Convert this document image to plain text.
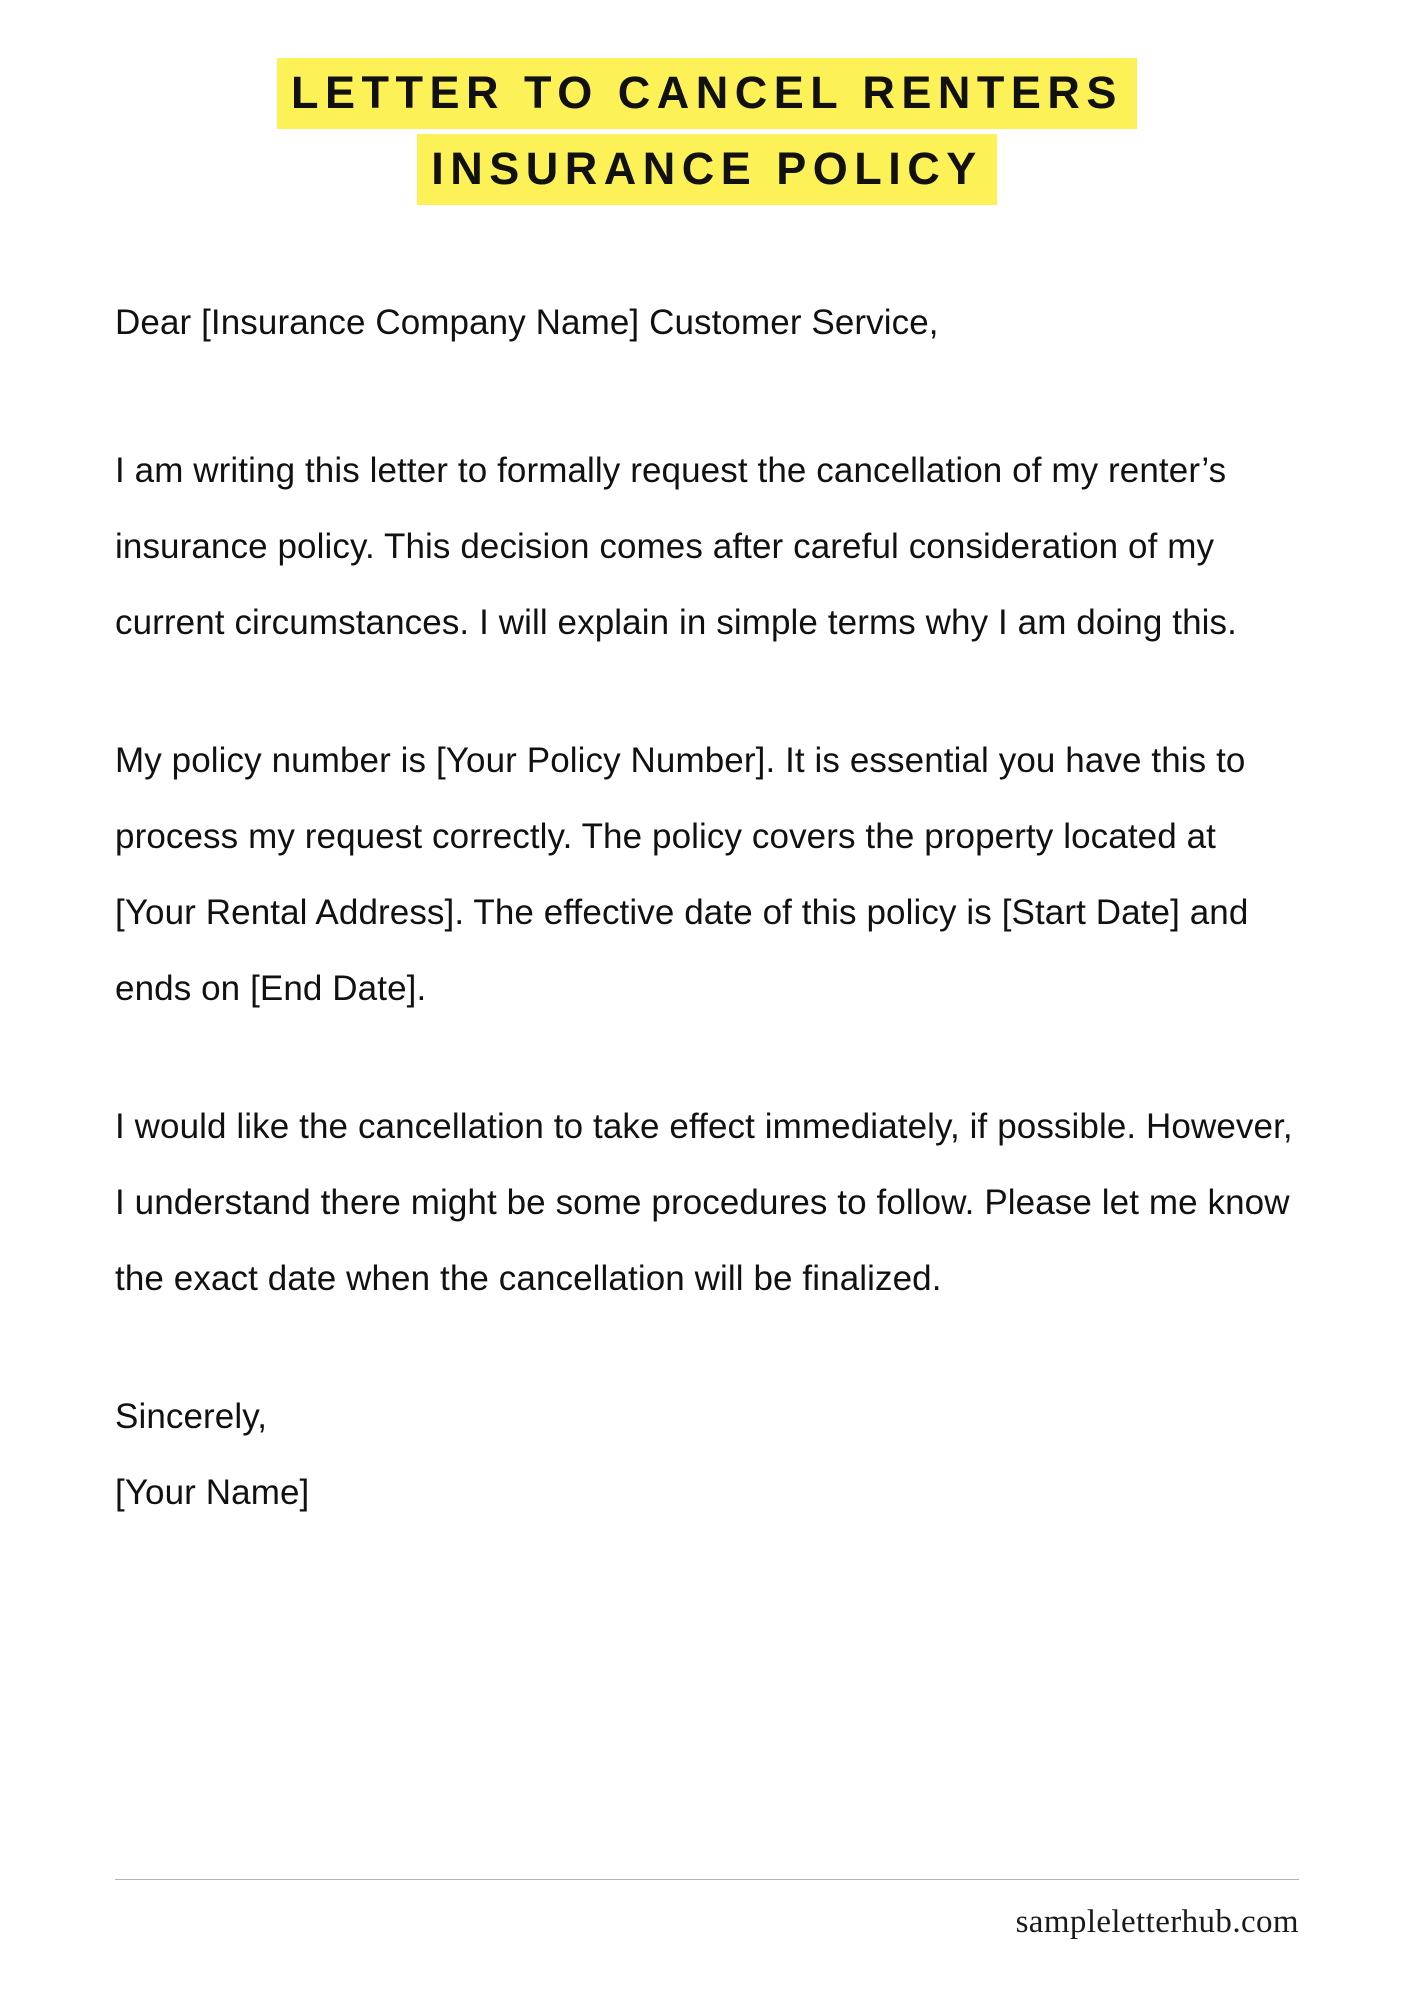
LETTER TO CANCEL RENTERS
INSURANCE POLICY

Dear [Insurance Company Name] Customer Service,

I am writing this letter to formally request the cancellation of my renter’s insurance policy. This decision comes after careful consideration of my current circumstances. I will explain in simple terms why I am doing this.

My policy number is [Your Policy Number]. It is essential you have this to process my request correctly. The policy covers the property located at [Your Rental Address]. The effective date of this policy is [Start Date] and ends on [End Date].

I would like the cancellation to take effect immediately, if possible. However, I understand there might be some procedures to follow. Please let me know the exact date when the cancellation will be finalized.

Sincerely,

[Your Name]

sampleletterhub.com
